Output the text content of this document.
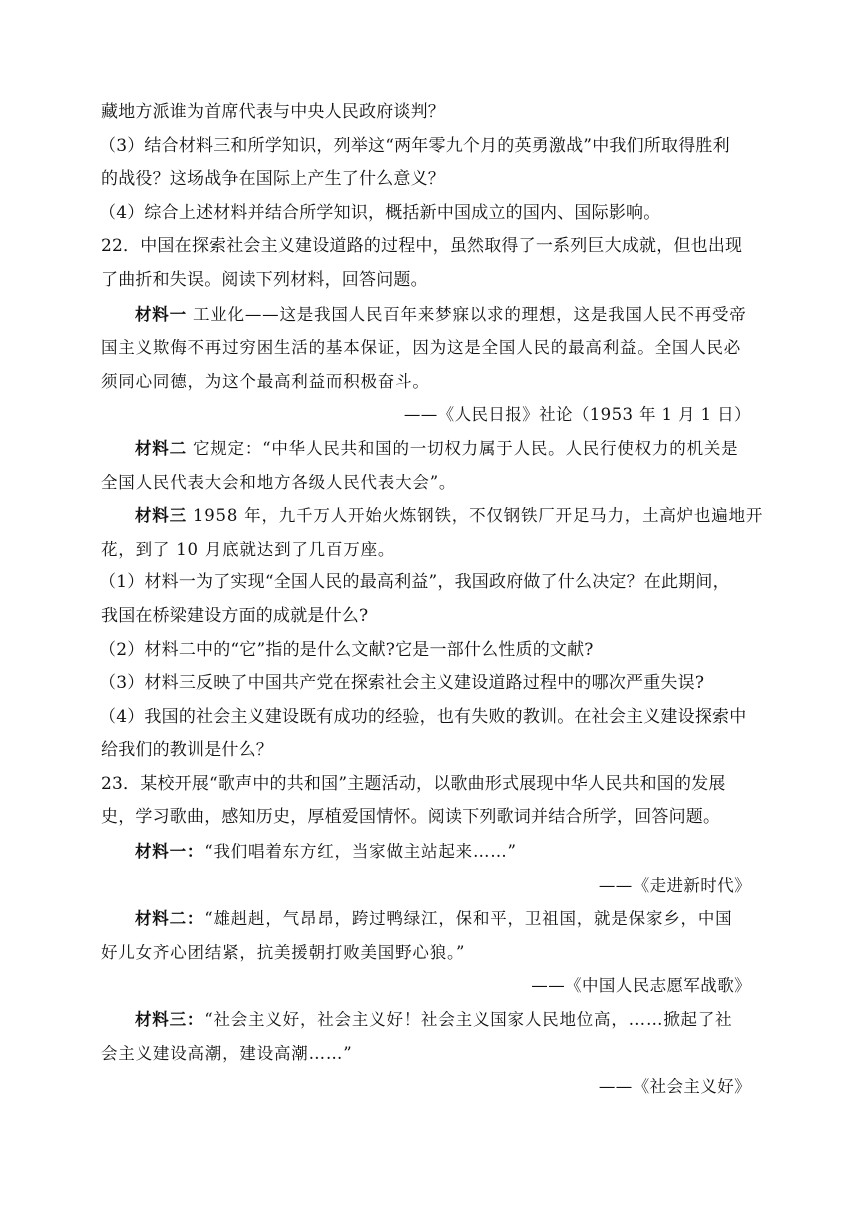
藏地方派谁为首席代表与中央人民政府谈判？
（3）结合材料三和所学知识，列举这“两年零九个月的英勇激战”中我们所取得胜利
的战役？这场战争在国际上产生了什么意义？
（4）综合上述材料并结合所学知识，概括新中国成立的国内、国际影响。
22．中国在探索社会主义建设道路的过程中，虽然取得了一系列巨大成就，但也出现
了曲折和失误。阅读下列材料，回答问题。
材料一 工业化——这是我国人民百年来梦寐以求的理想，这是我国人民不再受帝
国主义欺侮不再过穷困生活的基本保证，因为这是全国人民的最高利益。全国人民必
须同心同德，为这个最高利益而积极奋斗。
——《人民日报》社论（1953 年 1 月 1 日）
材料二 它规定：“中华人民共和国的一切权力属于人民。人民行使权力的机关是
全国人民代表大会和地方各级人民代表大会”。
材料三 1958 年，九千万人开始火炼钢铁，不仅钢铁厂开足马力，土高炉也遍地开
花，到了 10 月底就达到了几百万座。
（1）材料一为了实现“全国人民的最高利益”，我国政府做了什么决定？在此期间，
我国在桥梁建设方面的成就是什么?
（2）材料二中的“它”指的是什么文献?它是一部什么性质的文献?
（3）材料三反映了中国共产党在探索社会主义建设道路过程中的哪次严重失误?
（4）我国的社会主义建设既有成功的经验，也有失败的教训。在社会主义建设探索中
给我们的教训是什么？
23．某校开展“歌声中的共和国”主题活动，以歌曲形式展现中华人民共和国的发展
史，学习歌曲，感知历史，厚植爱国情怀。阅读下列歌词并结合所学，回答问题。
材料一：“我们唱着东方红，当家做主站起来……”
——《走进新时代》
材料二：“雄赳赳，气昂昂，跨过鸭绿江，保和平，卫祖国，就是保家乡，中国
好儿女齐心团结紧，抗美援朝打败美国野心狼。”
——《中国人民志愿军战歌》
材料三：“社会主义好，社会主义好！社会主义国家人民地位高，……掀起了社
会主义建设高潮，建设高潮……”
——《社会主义好》
